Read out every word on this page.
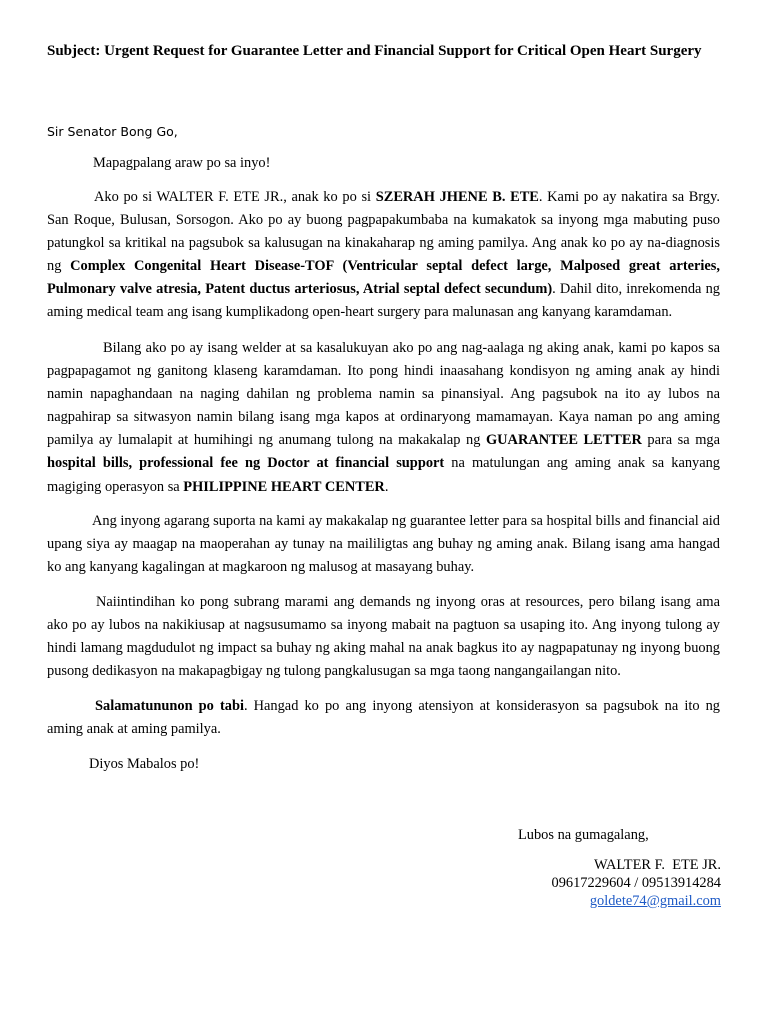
Subject: Urgent Request for Guarantee Letter and Financial Support for Critical Open Heart Surgery
Sir Senator Bong Go,
Mapagpalang araw po sa inyo!
Ako po si WALTER F. ETE JR., anak ko po si SZERAH JHENE B. ETE. Kami po ay nakatira sa Brgy. San Roque, Bulusan, Sorsogon. Ako po ay buong pagpapakumbaba na kumakatok sa inyong mga mabuting puso patungkol sa kritikal na pagsubok sa kalusugan na kinakaharap ng aming pamilya. Ang anak ko po ay na-diagnosis ng Complex Congenital Heart Disease-TOF (Ventricular septal defect large, Malposed great arteries, Pulmonary valve atresia, Patent ductus arteriosus, Atrial septal defect secundum). Dahil dito, inrekomenda ng aming medical team ang isang kumplikadong open-heart surgery para malunasan ang kanyang karamdaman.
Bilang ako po ay isang welder at sa kasalukuyan ako po ang nag-aalaga ng aking anak, kami po kapos sa pagpapagamot ng ganitong klaseng karamdaman. Ito pong hindi inaasahang kondisyon ng aming anak ay hindi namin napaghandaan na naging dahilan ng problema namin sa pinansiyal. Ang pagsubok na ito ay lubos na nagpahirap sa sitwasyon namin bilang isang mga kapos at ordinaryong mamamayan. Kaya naman po ang aming pamilya ay lumalapit at humihingi ng anumang tulong na makakalap ng GUARANTEE LETTER para sa mga hospital bills, professional fee ng Doctor at financial support na matulungan ang aming anak sa kanyang magiging operasyon sa PHILIPPINE HEART CENTER.
Ang inyong agarang suporta na kami ay makakalap ng guarantee letter para sa hospital bills and financial aid upang siya ay maagap na maoperahan ay tunay na maililigtas ang buhay ng aming anak. Bilang isang ama hangad ko ang kanyang kagalingan at magkaroon ng malusog at masayang buhay.
Naiintindihan ko pong subrang marami ang demands ng inyong oras at resources, pero bilang isang ama ako po ay lubos na nakikiusap at nagsusumamo sa inyong mabait na pagtuon sa usaping ito. Ang inyong tulong ay hindi lamang magdudulot ng impact sa buhay ng aking mahal na anak bagkus ito ay nagpapatunay ng inyong buong pusong dedikasyon na makapagbigay ng tulong pangkalusugan sa mga taong nangangailangan nito.
Salamatununon po tabi. Hangad ko po ang inyong atensiyon at konsiderasyon sa pagsubok na ito ng aming anak at aming pamilya.
Diyos Mabalos po!
Lubos na gumagalang,
WALTER F.  ETE JR.
09617229604 / 09513914284
goldete74@gmail.com
